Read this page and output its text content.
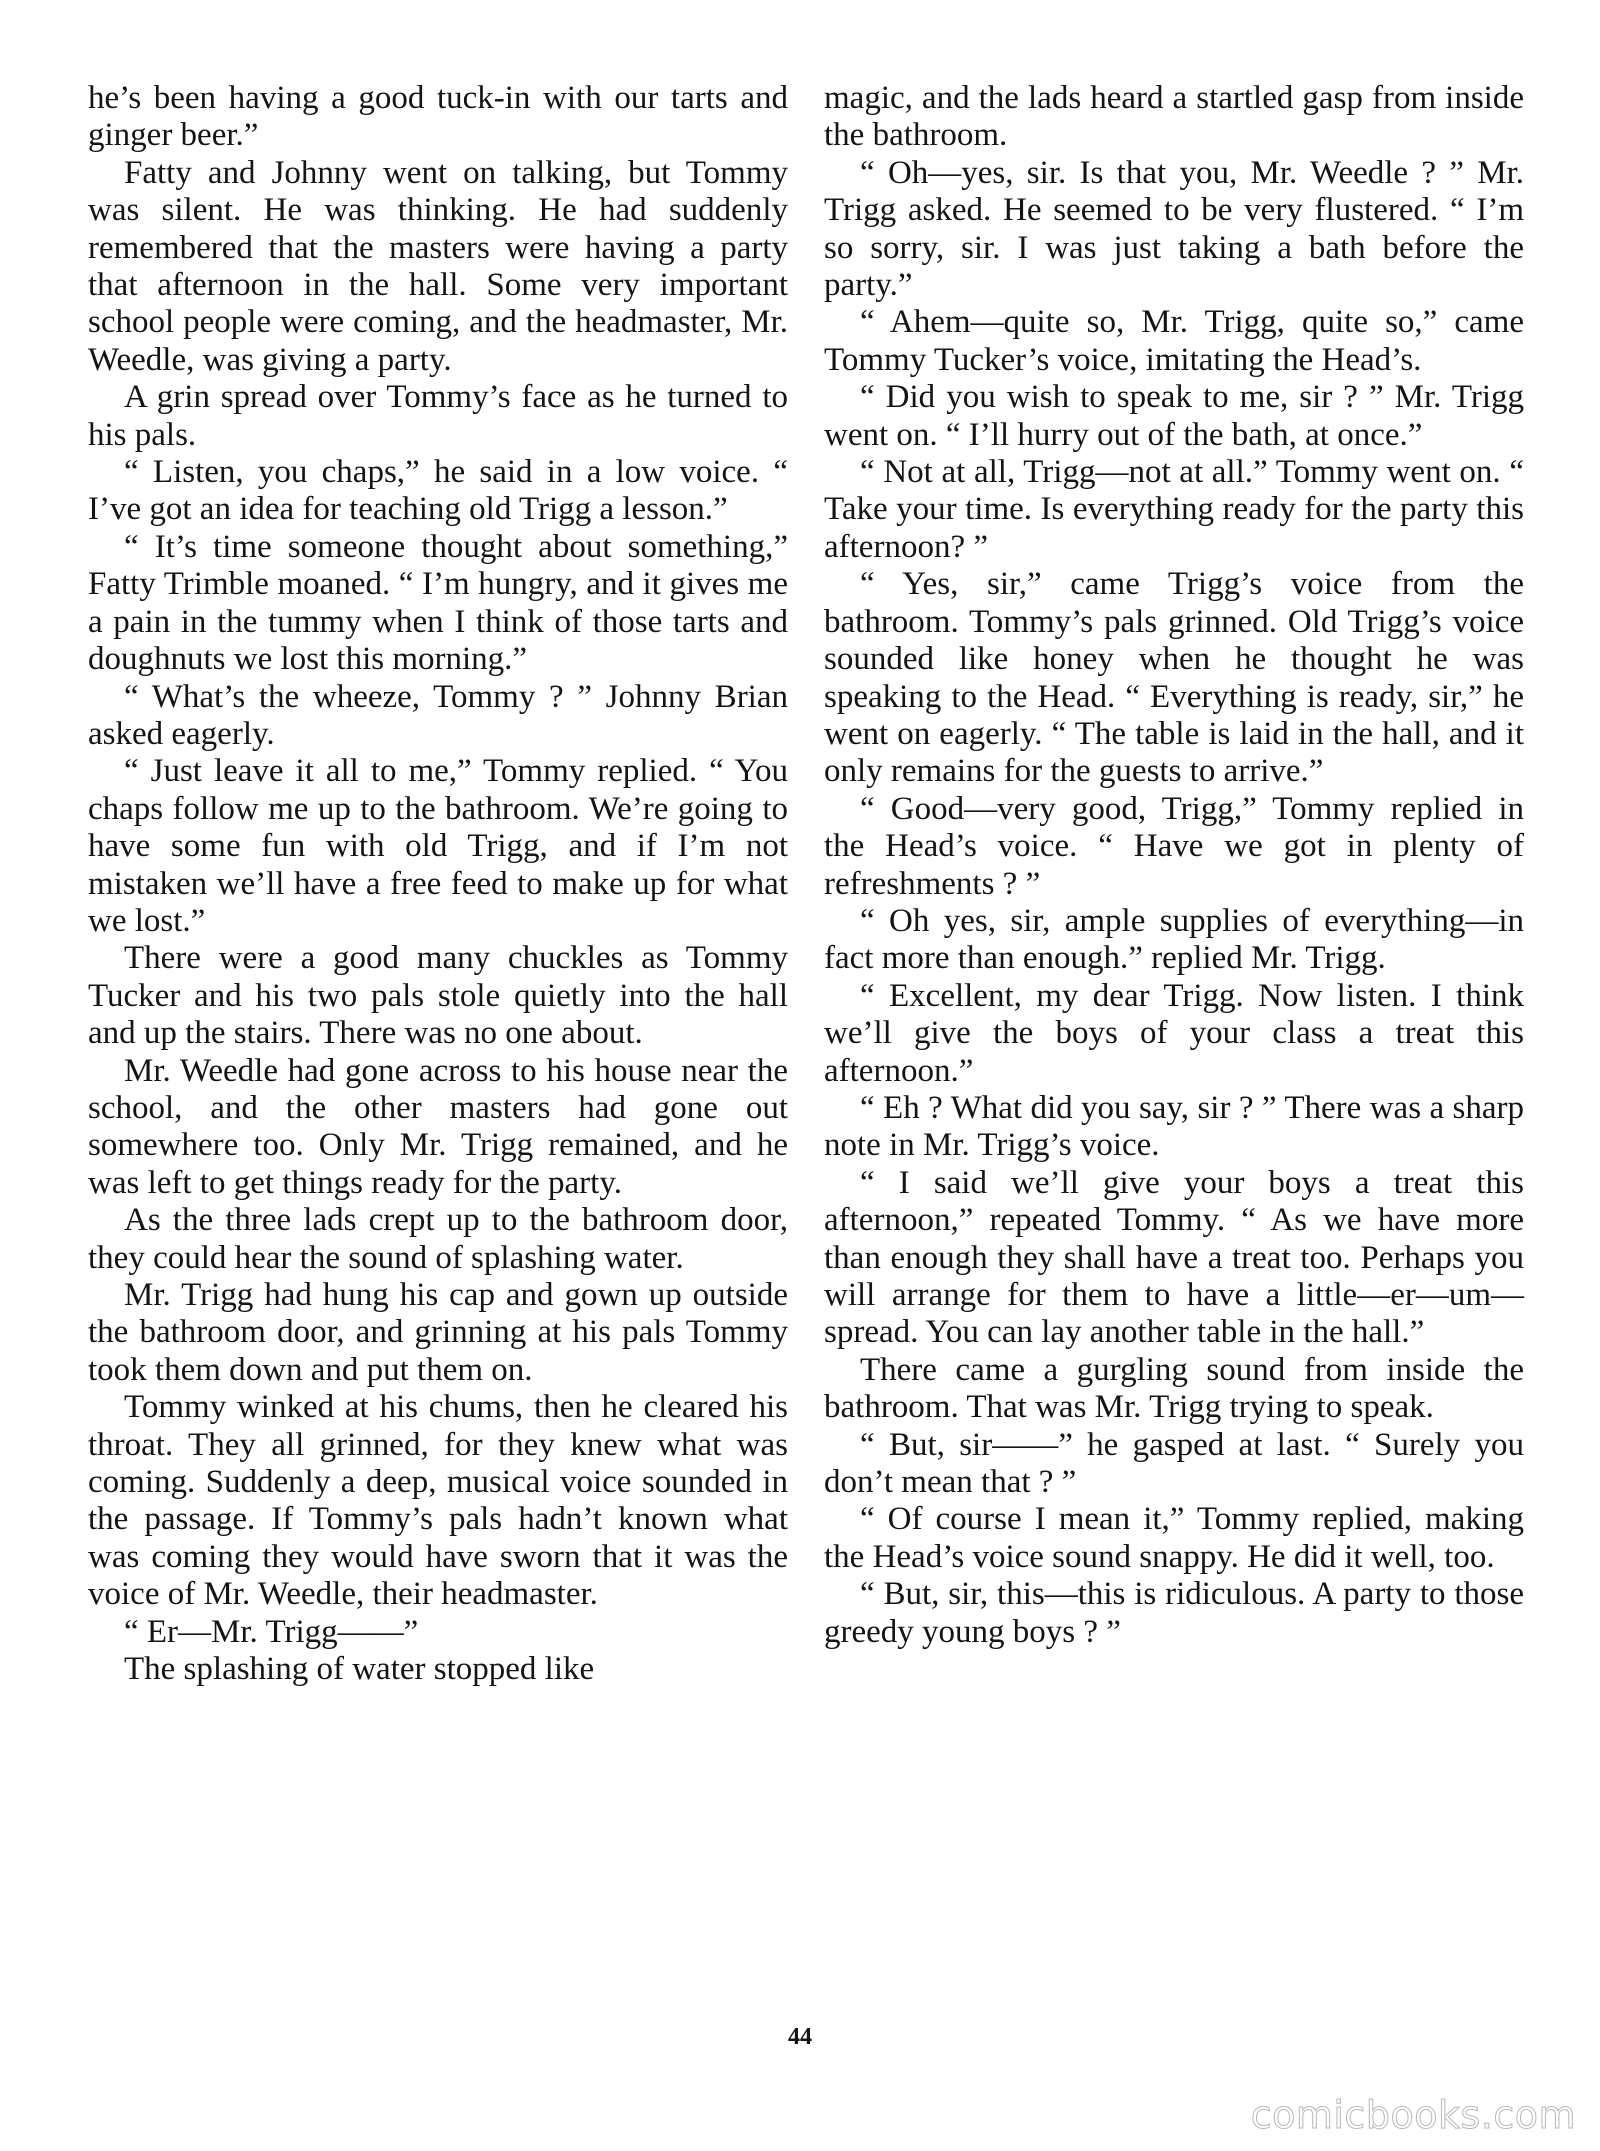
he’s been having a good tuck-in with our tarts and ginger beer.”

Fatty and Johnny went on talking, but Tommy was silent. He was thinking. He had suddenly remembered that the masters were having a party that afternoon in the hall. Some very important school people were coming, and the headmaster, Mr. Weedle, was giving a party.

A grin spread over Tommy’s face as he turned to his pals.

“ Listen, you chaps,” he said in a low voice. “ I’ve got an idea for teaching old Trigg a lesson.”

“ It’s time someone thought about something,” Fatty Trimble moaned. “ I’m hungry, and it gives me a pain in the tummy when I think of those tarts and doughnuts we lost this morning.”

“ What’s the wheeze, Tommy ? ” Johnny Brian asked eagerly.

“ Just leave it all to me,” Tommy replied. “ You chaps follow me up to the bathroom. We’re going to have some fun with old Trigg, and if I’m not mistaken we’ll have a free feed to make up for what we lost.”

There were a good many chuckles as Tommy Tucker and his two pals stole quietly into the hall and up the stairs. There was no one about.

Mr. Weedle had gone across to his house near the school, and the other masters had gone out somewhere too. Only Mr. Trigg remained, and he was left to get things ready for the party.

As the three lads crept up to the bathroom door, they could hear the sound of splashing water.

Mr. Trigg had hung his cap and gown up outside the bathroom door, and grinning at his pals Tommy took them down and put them on.

Tommy winked at his chums, then he cleared his throat. They all grinned, for they knew what was coming. Suddenly a deep, musical voice sounded in the passage. If Tommy’s pals hadn’t known what was coming they would have sworn that it was the voice of Mr. Weedle, their headmaster.

“ Er—Mr. Trigg——”

The splashing of water stopped like

magic, and the lads heard a startled gasp from inside the bathroom.

“ Oh—yes, sir. Is that you, Mr. Weedle ? ” Mr. Trigg asked. He seemed to be very flustered. “ I’m so sorry, sir. I was just taking a bath before the party.”

“ Ahem—quite so, Mr. Trigg, quite so,” came Tommy Tucker’s voice, imitating the Head’s.

“ Did you wish to speak to me, sir ? ” Mr. Trigg went on. “ I’ll hurry out of the bath, at once.”

“ Not at all, Trigg—not at all.” Tommy went on. “ Take your time. Is everything ready for the party this afternoon? ”

“ Yes, sir,” came Trigg’s voice from the bathroom. Tommy’s pals grinned. Old Trigg’s voice sounded like honey when he thought he was speaking to the Head. “ Everything is ready, sir,” he went on eagerly. “ The table is laid in the hall, and it only remains for the guests to arrive.”

“ Good—very good, Trigg,” Tommy replied in the Head’s voice. “ Have we got in plenty of refreshments ? ”

“ Oh yes, sir, ample supplies of everything—in fact more than enough.” replied Mr. Trigg.

“ Excellent, my dear Trigg. Now listen. I think we’ll give the boys of your class a treat this afternoon.”

“ Eh ? What did you say, sir ? ” There was a sharp note in Mr. Trigg’s voice.

“ I said we’ll give your boys a treat this afternoon,” repeated Tommy. “ As we have more than enough they shall have a treat too. Perhaps you will arrange for them to have a little—er—um—spread. You can lay another table in the hall.”

There came a gurgling sound from inside the bathroom. That was Mr. Trigg trying to speak.

“ But, sir——” he gasped at last. “ Surely you don’t mean that ? ”

“ Of course I mean it,” Tommy replied, making the Head’s voice sound snappy. He did it well, too.

“ But, sir, this—this is ridiculous. A party to those greedy young boys ? ”

44
comicbooks.com
